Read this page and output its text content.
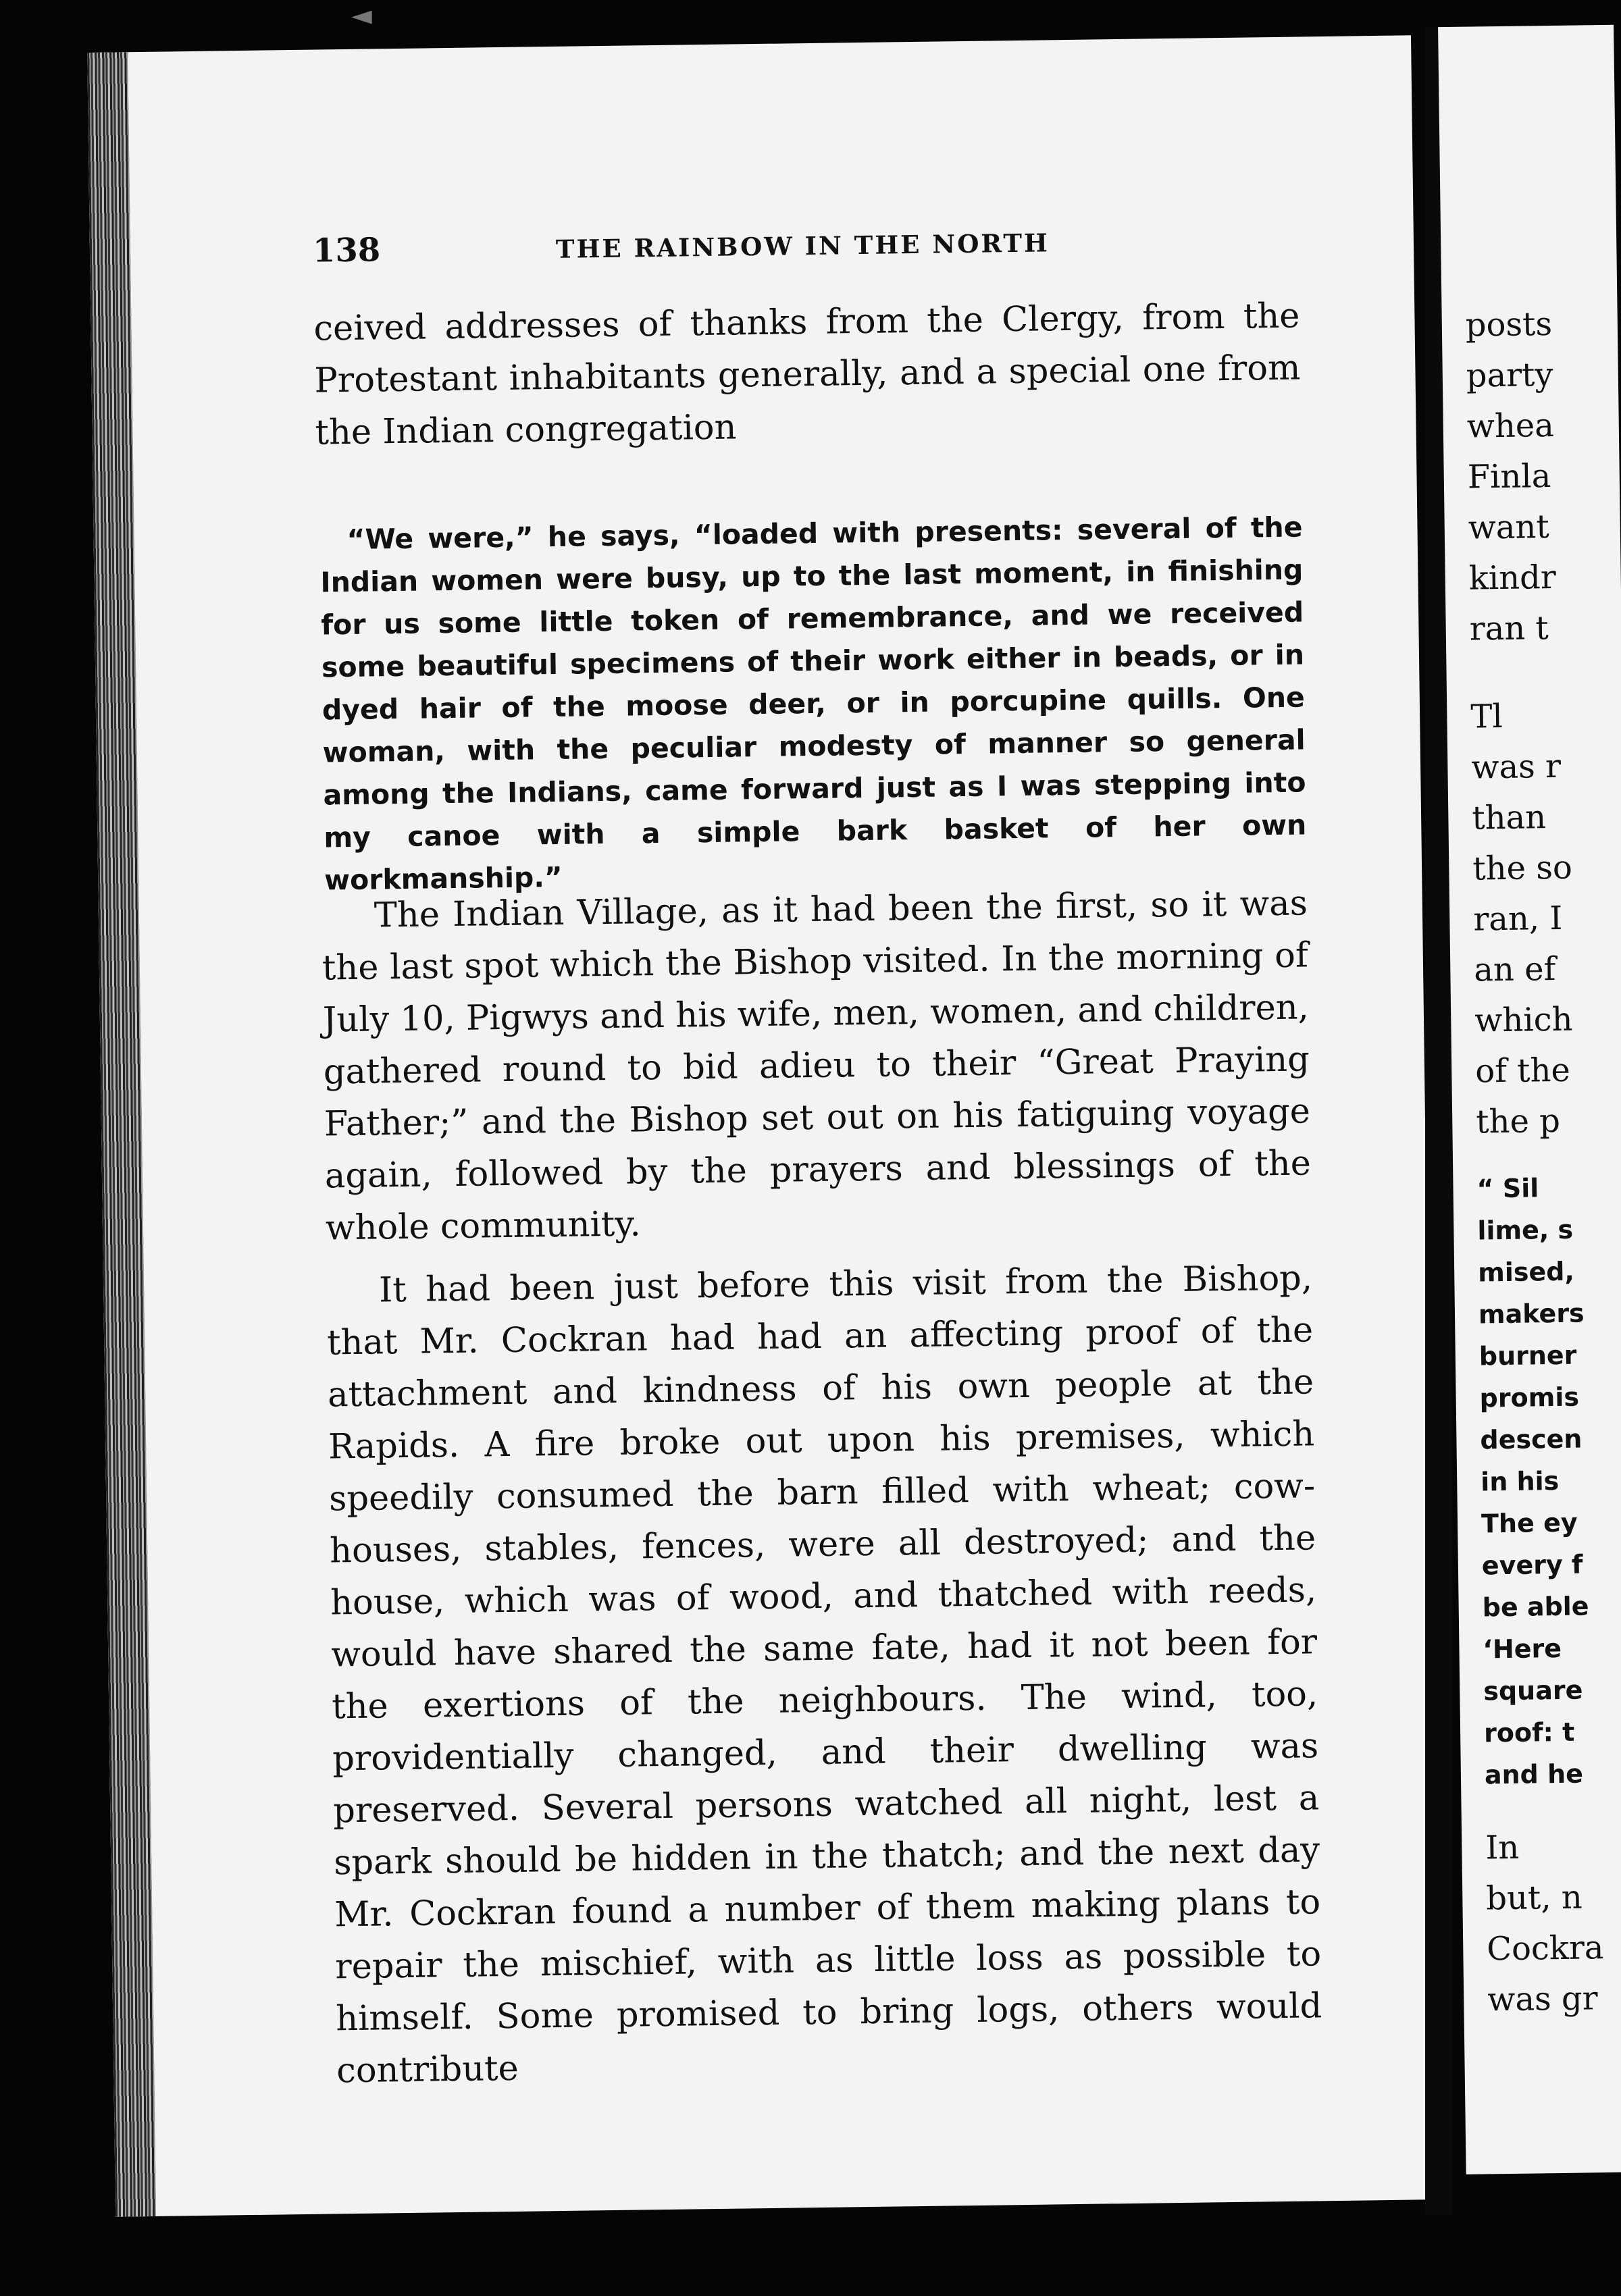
◄
138	THE RAINBOW IN THE NORTH

ceived addresses of thanks from the Clergy, from the Protestant inhabitants generally, and a special one from the Indian congregation

“We were,” he says, “loaded with presents: several of the Indian women were busy, up to the last moment, in finishing for us some little token of remembrance, and we received some beautiful specimens of their work either in beads, or in dyed hair of the moose deer, or in porcupine quills. One woman, with the peculiar modesty of manner so general among the Indians, came forward just as I was stepping into my canoe with a simple bark basket of her own workmanship.”

The Indian Village, as it had been the first, so it was the last spot which the Bishop visited. In the morning of July 10, Pigwys and his wife, men, women, and children, gathered round to bid adieu to their “Great Praying Father;” and the Bishop set out on his fatiguing voyage again, followed by the prayers and blessings of the whole community.

It had been just before this visit from the Bishop, that Mr. Cockran had had an affecting proof of the attachment and kindness of his own people at the Rapids. A fire broke out upon his premises, which speedily consumed the barn filled with wheat; cow-houses, stables, fences, were all destroyed; and the house, which was of wood, and thatched with reeds, would have shared the same fate, had it not been for the exertions of the neighbours. The wind, too, providentially changed, and their dwelling was preserved. Several persons watched all night, lest a spark should be hidden in the thatch; and the next day Mr. Cockran found a number of them making plans to repair the mischief, with as little loss as possible to himself. Some promised to bring logs, others would contribute

posts
party
whea
Finla
want
kindr
ran t
Tl
was r
than
the so
ran, I
an ef
which
of the
the p
“ Sil
lime, s
mised,
makers
burner
promis
descen
in his
The ey
every f
be able
‘Here
square
roof: t
and he
In
but, n
Cockra
was gr
